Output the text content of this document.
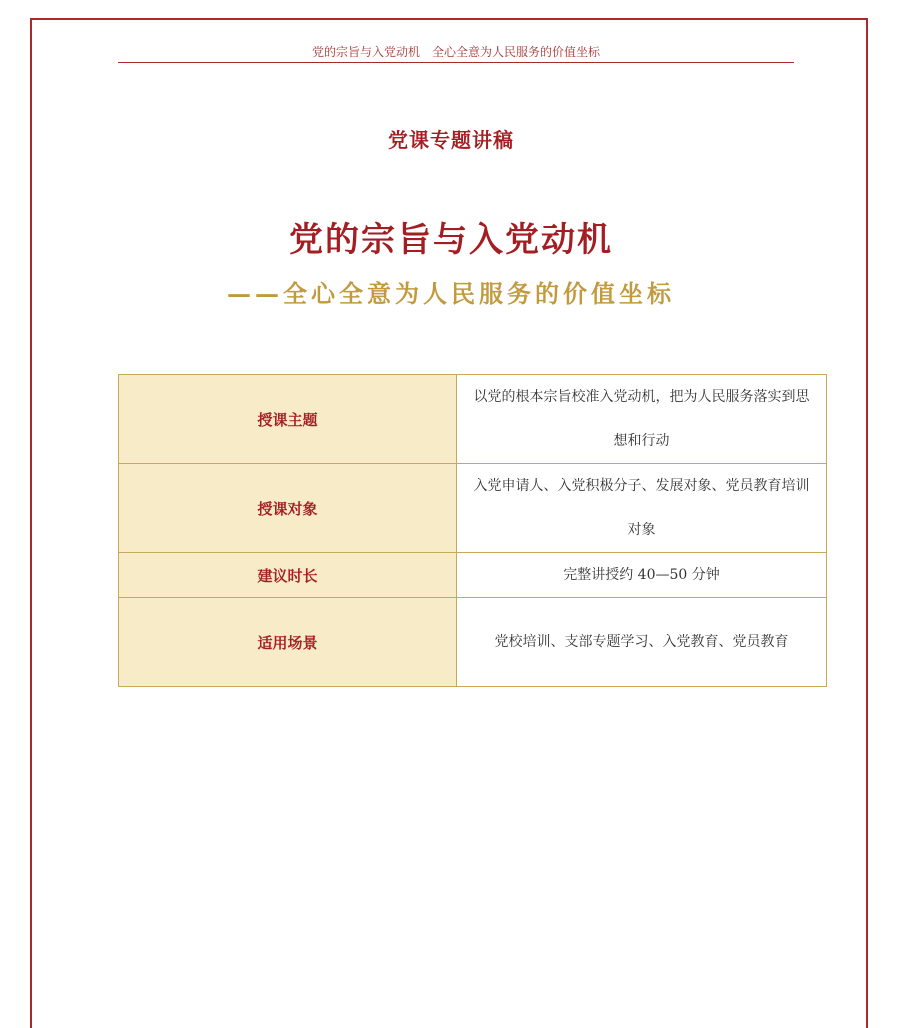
党的宗旨与入党动机　全心全意为人民服务的价值坐标
党课专题讲稿
党的宗旨与入党动机
——全心全意为人民服务的价值坐标
授课主题	以党的根本宗旨校准入党动机，把为人民服务落实到思想和行动
授课对象	入党申请人、入党积极分子、发展对象、党员教育培训对象
建议时长	完整讲授约 40—50 分钟
适用场景	党校培训、支部专题学习、入党教育、党员教育
